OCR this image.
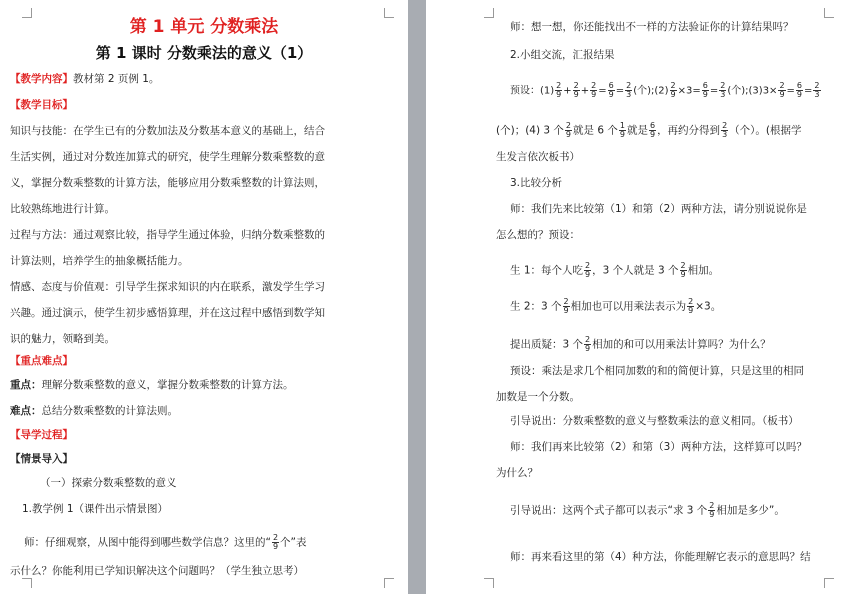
第 1 单元 分数乘法
第 1 课时 分数乘法的意义（1）
【教学内容】教材第 2 页例 1。
【教学目标】
知识与技能：在学生已有的分数加法及分数基本意义的基础上，结合
生活实例，通过对分数连加算式的研究，使学生理解分数乘整数的意
义，掌握分数乘整数的计算方法，能够应用分数乘整数的计算法则，
比较熟练地进行计算。
过程与方法：通过观察比较，指导学生通过体验，归纳分数乘整数的
计算法则，培养学生的抽象概括能力。
情感、态度与价值观：引导学生探求知识的内在联系，激发学生学习
兴趣。通过演示，使学生初步感悟算理，并在这过程中感悟到数学知
识的魅力，领略到美。
【重点难点】
重点：理解分数乘整数的意义，掌握分数乘整数的计算方法。
难点：总结分数乘整数的计算法则。
【导学过程】
【情景导入】
（一）探索分数乘整数的意义
1.教学例 1（课件出示情景图）
师：仔细观察，从图中能得到哪些数学信息？这里的“ $\frac{2}{9}$ 个”表
示什么？你能利用已学知识解决这个问题吗？（学生独立思考）
师：想一想，你还能找出不一样的方法验证你的计算结果吗？
2.小组交流，汇报结果
预设：$(1) \frac{2}{9} + \frac{2}{9} + \frac{2}{9} = \frac{6}{9} = \frac{2}{3}$ (个);(2) $\frac{2}{9} \times 3= \frac{6}{9} = \frac{2}{3}$ (个);(3)3× $\frac{2}{9} = \frac{6}{9} = \frac{2}{3}$
(个)；(4) 3 个 $\frac{2}{9}$ 就是 6 个 $\frac{1}{9}$ 就是 $\frac{6}{9}$ ，再约分得到 $\frac{2}{3}$ （个）。(根据学
生发言依次板书）
3.比较分析
师：我们先来比较第（1）和第（2）两种方法，请分别说说你是
怎么想的？预设：
生 1：每个人吃 $\frac{2}{9}$ ，3 个人就是 3 个 $\frac{2}{9}$ 相加。
生 2：3 个 $\frac{2}{9}$ 相加也可以用乘法表示为 $\frac{2}{9} \times 3$。
提出质疑：3 个 $\frac{2}{9}$ 相加的和可以用乘法计算吗？为什么？
预设：乘法是求几个相同加数的和的简便计算，只是这里的相同
加数是一个分数。
引导说出：分数乘整数的意义与整数乘法的意义相同。（板书）
师：我们再来比较第（2）和第（3）两种方法，这样算可以吗？
为什么？
引导说出：这两个式子都可以表示“求 3 个 $\frac{2}{9}$ 相加是多少”。
师：再来看这里的第（4）种方法，你能理解它表示的意思吗？结
